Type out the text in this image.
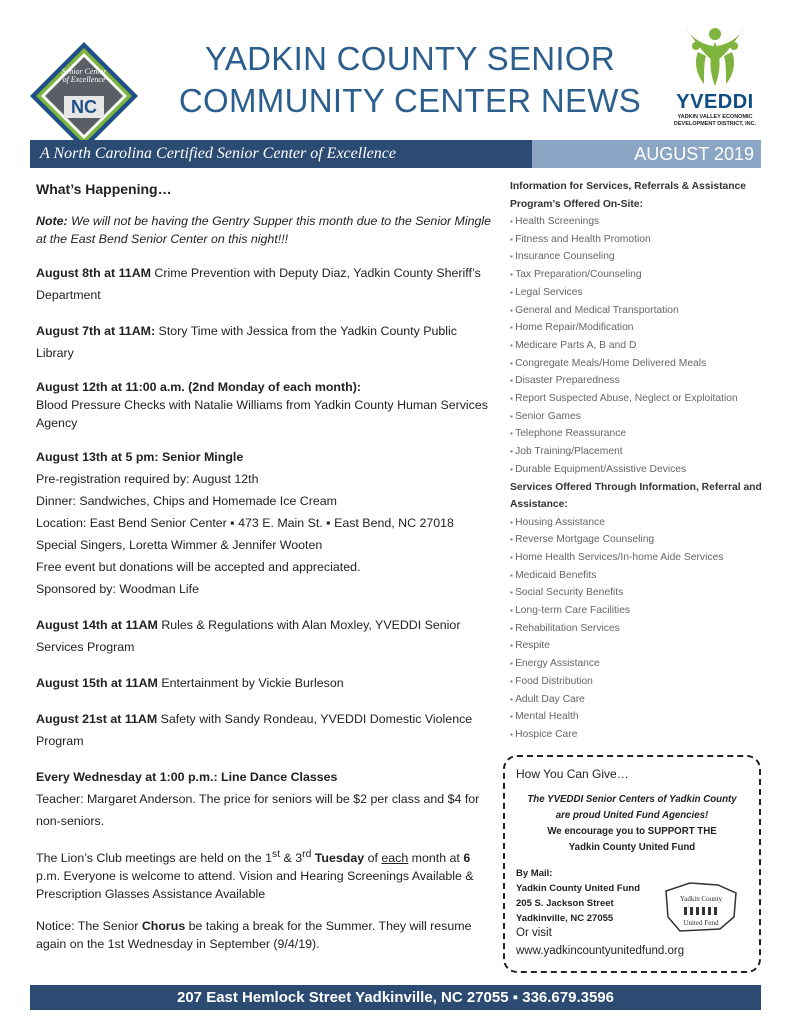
Senior Center
of Excellence
NC
YADKIN COUNTY SENIOR
COMMUNITY CENTER NEWS	YVEDDI
YADKIN VALLEY ECONOMIC
DEVELOPMENT DISTRICT, INC.
A North Carolina Certified Senior Center of Excellence	AUGUST 2019
What’s Happening…

Note: We will not be having the Gentry Supper this month due to the Senior Mingle at the East Bend Senior Center on this night!!!

August 8th at 11AM Crime Prevention with Deputy Diaz, Yadkin County Sheriff’s Department

August 7th at 11AM: Story Time with Jessica from the Yadkin County Public Library

August 12th at 11:00 a.m. (2nd Monday of each month):
Blood Pressure Checks with Natalie Williams from Yadkin County Human Services Agency

August 13th at 5 pm: Senior Mingle
Pre-registration required by: August 12th
Dinner: Sandwiches, Chips and Homemade Ice Cream
Location: East Bend Senior Center ▪ 473 E. Main St. ▪ East Bend, NC 27018
Special Singers, Loretta Wimmer & Jennifer Wooten
Free event but donations will be accepted and appreciated.
Sponsored by: Woodman Life

August 14th at 11AM Rules & Regulations with Alan Moxley, YVEDDI Senior Services Program

August 15th at 11AM Entertainment by Vickie Burleson

August 21st at 11AM Safety with Sandy Rondeau, YVEDDI Domestic Violence Program

Every Wednesday at 1:00 p.m.: Line Dance Classes
Teacher: Margaret Anderson. The price for seniors will be $2 per class and $4 for non-seniors.

The Lion’s Club meetings are held on the 1st & 3rd Tuesday of each month at 6 p.m. Everyone is welcome to attend. Vision and Hearing Screenings Available & Prescription Glasses Assistance Available

Notice: The Senior Chorus be taking a break for the Summer. They will resume again on the 1st Wednesday in September (9/4/19).

Information for Services, Referrals & Assistance Program’s Offered On-Site:
▪ Health Screenings
▪ Fitness and Health Promotion
▪ Insurance Counseling
▪ Tax Preparation/Counseling
▪ Legal Services
▪ General and Medical Transportation
▪ Home Repair/Modification
▪ Medicare Parts A, B and D
▪ Congregate Meals/Home Delivered Meals
▪ Disaster Preparedness
▪ Report Suspected Abuse, Neglect or Exploitation
▪ Senior Games
▪ Telephone Reassurance
▪ Job Training/Placement
▪ Durable Equipment/Assistive Devices
Services Offered Through Information, Referral and Assistance:
▪ Housing Assistance
▪ Reverse Mortgage Counseling
▪ Home Health Services/In-home Aide Services
▪ Medicaid Benefits
▪ Social Security Benefits
▪ Long-term Care Facilities
▪ Rehabilitation Services
▪ Respite
▪ Energy Assistance
▪ Food Distribution
▪ Adult Day Care
▪ Mental Health
▪ Hospice Care
How You Can Give…
The YVEDDI Senior Centers of Yadkin County
are proud United Fund Agencies!
We encourage you to SUPPORT THE
Yadkin County United Fund
By Mail:
Yadkin County United Fund
205 S. Jackson Street
Yadkinville, NC 27055
Or visit
www.yadkincountyunitedfund.org
Yadkin County
United Fund
207 East Hemlock Street Yadkinville, NC 27055 ▪ 336.679.3596
